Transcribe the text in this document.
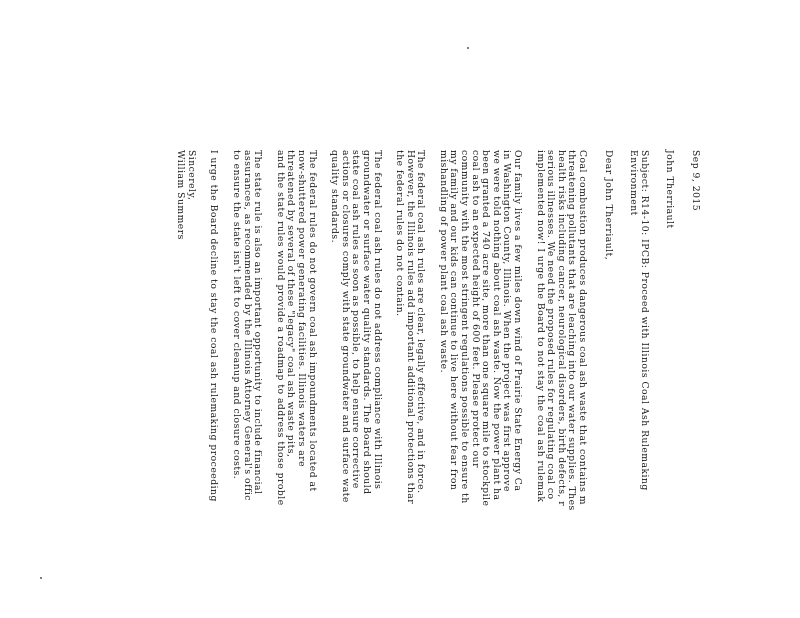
Sep 9, 2015

John Therriault

Subject: R14-10: IPCB: Proceed with Illinois Coal Ash Rulemaking
Environment

Dear John Therriault,

Coal combustion produces dangerous coal ash waste that contains m
threatening pollutants that are leaching into our water supplies. Thes
health risks including cancer, neurological disorders, birth defects, r
serious illnesses. We need the proposed rules for regulating coal co
implemented now! I urge the Board to not stay the coal ash rulemak
Our family lives a few miles down wind of Prairie State Energy Ca
in Washington County, Illinois. When the project was first approve
we were told nothing about coal ash waste. Now the power plant ha
been granted a 740 acre site, more than one square mile to stockpile
coal ash to an expected height of 600 feet. Please protect our
community with the most stringent regulations possible to ensure th
my family and our kids can continue to live here without fear fron
mishandling of power plant coal ash waste.
The federal coal ash rules are clear, legally effective, and in force.
However, the Illinois rules add important additional protections thar
the federal rules do not contain.
The federal coal ash rules do not address compliance with Illinois
groundwater or surface water quality standards. The Board should
state coal ash rules as soon as possible, to help ensure corrective
actions or closures comply with state groundwater and surface wate
quality standards.
The federal rules do not govern coal ash impoundments located at
now-shuttered power generating facilities. Illinois waters are
threatened by several of these "legacy" coal ash waste pits,
and the state rules would provide a roadmap to address those proble
The state rule is also an important opportunity to include financial
assurances, as recommended by the Illinois Attorney General's offic
to ensure the state isn't left to cover cleanup and closure costs.
I urge the Board decline to stay the coal ash rulemaking proceeding

Sincerely,

William Summers
